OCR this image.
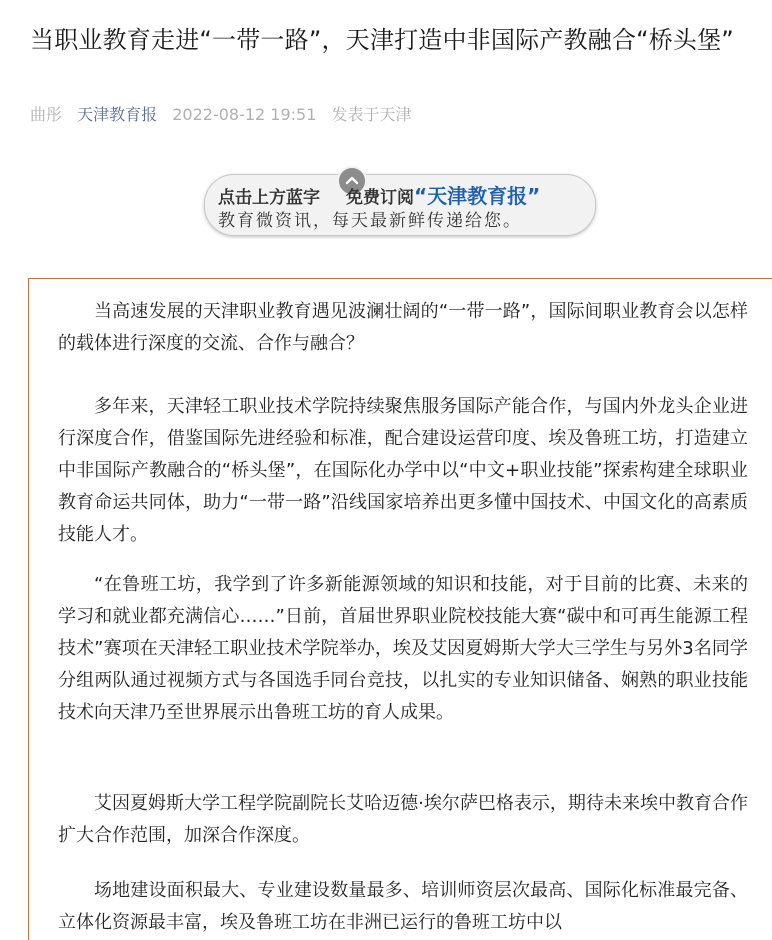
当职业教育走进“一带一路”，天津打造中非国际产教融合“桥头堡”
曲彤 天津教育报 2022-08-12 19:51 发表于天津
点击上方蓝字 免费订阅“天津教育报”
教育微资讯，每天最新鲜传递给您。

当高速发展的天津职业教育遇见波澜壮阔的“一带一路”，国际间职业教育会以怎样的载体进行深度的交流、合作与融合？

多年来，天津轻工职业技术学院持续聚焦服务国际产能合作，与国内外龙头企业进行深度合作，借鉴国际先进经验和标准，配合建设运营印度、埃及鲁班工坊，打造建立中非国际产教融合的“桥头堡”，在国际化办学中以“中文+职业技能”探索构建全球职业教育命运共同体，助力“一带一路”沿线国家培养出更多懂中国技术、中国文化的高素质技能人才。

“在鲁班工坊，我学到了许多新能源领域的知识和技能，对于目前的比赛、未来的学习和就业都充满信心……”日前，首届世界职业院校技能大赛“碳中和可再生能源工程技术”赛项在天津轻工职业技术学院举办，埃及艾因夏姆斯大学大三学生与另外3名同学分组两队通过视频方式与各国选手同台竞技，以扎实的专业知识储备、娴熟的职业技能技术向天津乃至世界展示出鲁班工坊的育人成果。

艾因夏姆斯大学工程学院副院长艾哈迈德·埃尔萨巴格表示，期待未来埃中教育合作扩大合作范围，加深合作深度。

场地建设面积最大、专业建设数量最多、培训师资层次最高、国际化标准最完备、立体化资源最丰富，埃及鲁班工坊在非洲已运行的鲁班工坊中以
